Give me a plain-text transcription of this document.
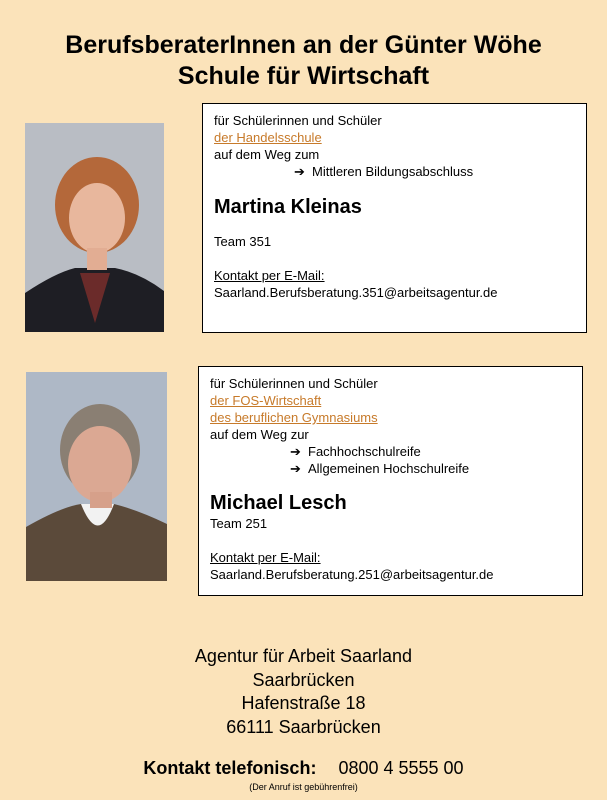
BerufsberaterInnen an der Günter Wöhe
Schule für Wirtschaft
für Schülerinnen und Schüler
der Handelsschule
auf dem Weg zum
➔ Mittleren Bildungsabschluss
Martina Kleinas
Team 351
Kontakt per E-Mail:
Saarland.Berufsberatung.351@arbeitsagentur.de
für Schülerinnen und Schüler
der FOS-Wirtschaft
des beruflichen Gymnasiums
auf dem Weg zur
➔ Fachhochschulreife
➔ Allgemeinen Hochschulreife
Michael Lesch
Team 251
Kontakt per E-Mail:
Saarland.Berufsberatung.251@arbeitsagentur.de
Agentur für Arbeit Saarland
Saarbrücken
Hafenstraße 18
66111 Saarbrücken
Kontakt telefonisch: 0800 4 5555 00
(Der Anruf ist gebührenfrei)
